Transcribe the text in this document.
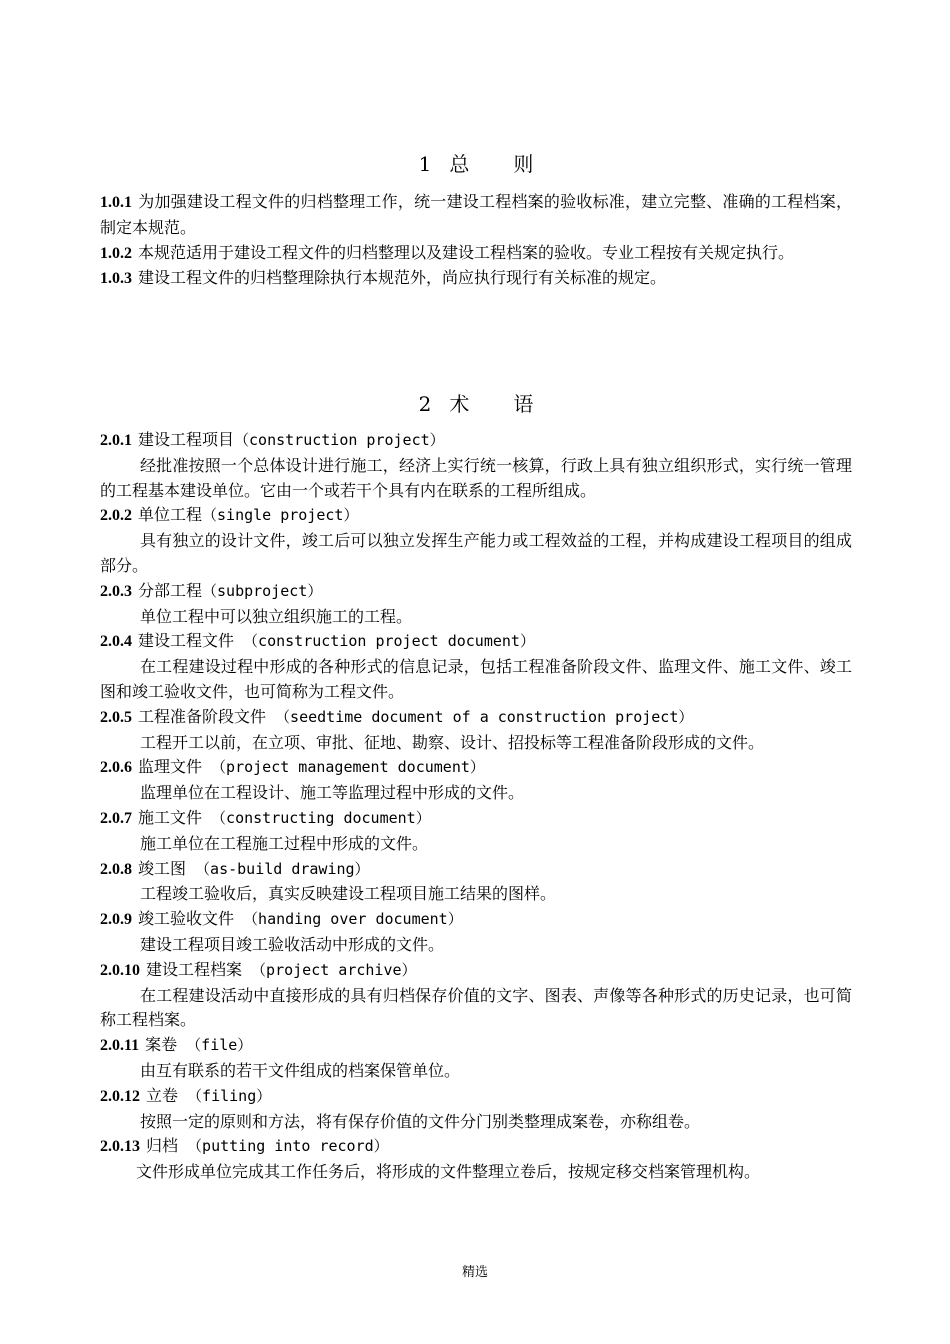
1 总 则

1.0.1 为加强建设工程文件的归档整理工作，统一建设工程档案的验收标准，建立完整、准确的工程档案，制定本规范。

1.0.2 本规范适用于建设工程文件的归档整理以及建设工程档案的验收。专业工程按有关规定执行。

1.0.3 建设工程文件的归档整理除执行本规范外，尚应执行现行有关标准的规定。

2 术 语

2.0.1 建设工程项目（construction project）

经批准按照一个总体设计进行施工，经济上实行统一核算，行政上具有独立组织形式，实行统一管理的工程基本建设单位。它由一个或若干个具有内在联系的工程所组成。

2.0.2 单位工程（single project）

具有独立的设计文件，竣工后可以独立发挥生产能力或工程效益的工程，并构成建设工程项目的组成部分。

2.0.3 分部工程（subproject）

单位工程中可以独立组织施工的工程。

2.0.4 建设工程文件 （construction project document）

在工程建设过程中形成的各种形式的信息记录，包括工程准备阶段文件、监理文件、施工文件、竣工图和竣工验收文件，也可简称为工程文件。

2.0.5 工程准备阶段文件 （seedtime document of a construction project）

工程开工以前，在立项、审批、征地、勘察、设计、招投标等工程准备阶段形成的文件。

2.0.6 监理文件 （project management document）

监理单位在工程设计、施工等监理过程中形成的文件。

2.0.7 施工文件 （constructing document）

施工单位在工程施工过程中形成的文件。

2.0.8 竣工图 （as-build drawing）

工程竣工验收后，真实反映建设工程项目施工结果的图样。

2.0.9 竣工验收文件 （handing over document）

建设工程项目竣工验收活动中形成的文件。

2.0.10 建设工程档案 （project archive）

在工程建设活动中直接形成的具有归档保存价值的文字、图表、声像等各种形式的历史记录，也可简称工程档案。

2.0.11 案卷 （file）

由互有联系的若干文件组成的档案保管单位。

2.0.12 立卷 （filing）

按照一定的原则和方法，将有保存价值的文件分门别类整理成案卷，亦称组卷。

2.0.13 归档 （putting into record）

文件形成单位完成其工作任务后，将形成的文件整理立卷后，按规定移交档案管理机构。

精选
